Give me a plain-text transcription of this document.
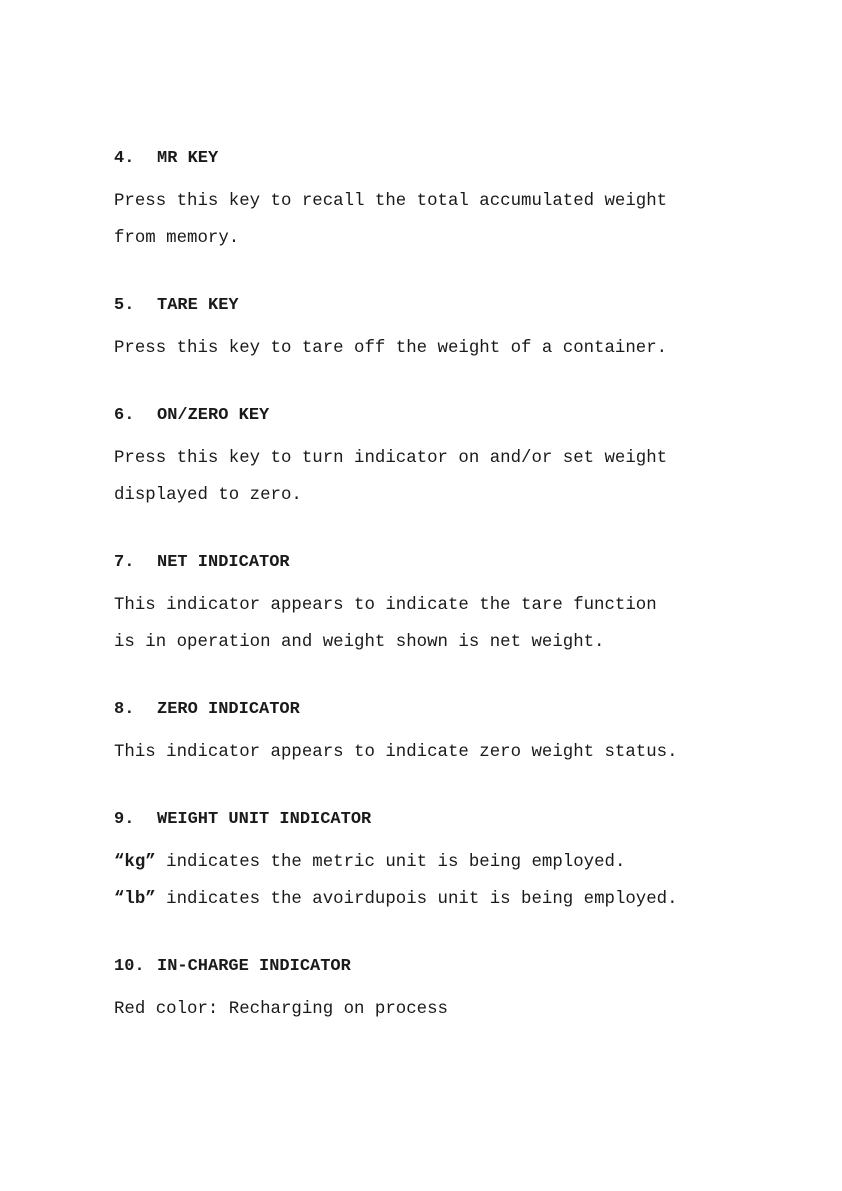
4.	MR KEY
Press this key to recall the total accumulated weight
from memory.
5.	TARE KEY
Press this key to tare off the weight of a container.
6.	ON/ZERO KEY
Press this key to turn indicator on and/or set weight
displayed to zero.
7.	NET INDICATOR
This indicator appears to indicate the tare function
is in operation and weight shown is net weight.
8.	ZERO INDICATOR
This indicator appears to indicate zero weight status.
9.	WEIGHT UNIT INDICATOR
“kg” indicates the metric unit is being employed.
“lb” indicates the avoirdupois unit is being employed.
10. IN-CHARGE INDICATOR
Red color: Recharging on process
